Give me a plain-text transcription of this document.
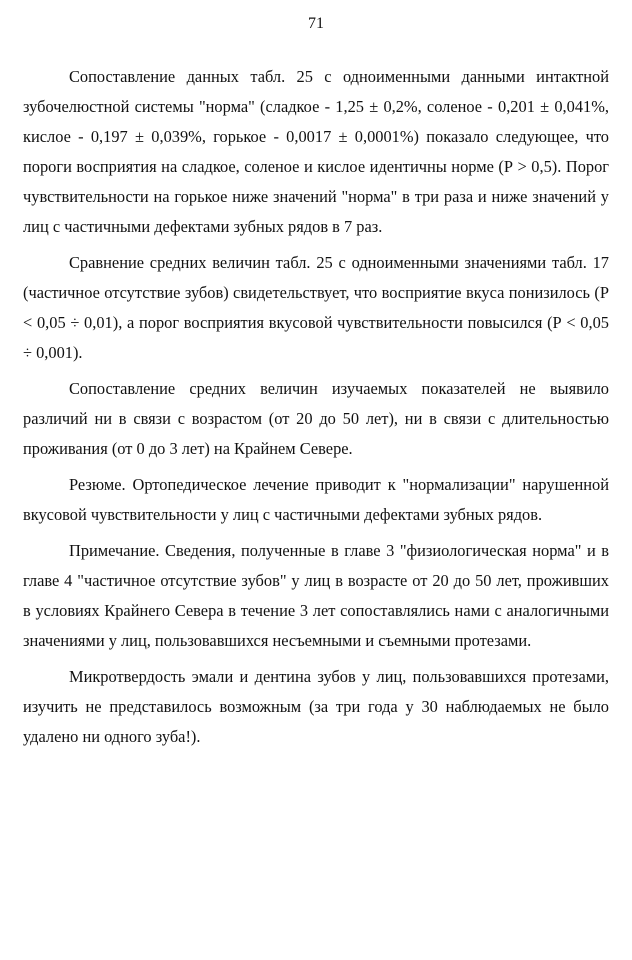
71

Сопоставление данных табл. 25 с одноименными данными интактной зубочелюстной системы "норма" (сладкое - 1,25 ± 0,2%, соленое - 0,201 ± 0,041%, кислое - 0,197 ± 0,039%, горькое - 0,0017 ± 0,0001%) показало следующее, что пороги восприятия на сладкое, соленое и кислое идентичны норме (Р > 0,5). Порог чувствительности на горькое ниже значений "норма" в три раза и ниже значений у лиц с частичными дефектами зубных рядов в 7 раз.

Сравнение средних величин табл. 25 с одноименными значениями табл. 17 (частичное отсутствие зубов) свидетельствует, что восприятие вкуса понизилось (Р < 0,05 ÷ 0,01), а порог восприятия вкусовой чувствительности повысился (Р < 0,05 ÷ 0,001).

Сопоставление средних величин изучаемых показателей не выявило различий ни в связи с возрастом (от 20 до 50 лет), ни в связи с длительностью проживания (от 0 до 3 лет) на Крайнем Севере.

Резюме. Ортопедическое лечение приводит к "нормализации" нарушенной вкусовой чувствительности у лиц с частичными дефектами зубных рядов.

Примечание. Сведения, полученные в главе 3 "физиологическая норма" и в главе 4 "частичное отсутствие зубов" у лиц в возрасте от 20 до 50 лет, проживших в условиях Крайнего Севера в течение 3 лет сопоставлялись нами с аналогичными значениями у лиц, пользовавшихся несъемными и съемными протезами.

Микротвердость эмали и дентина зубов у лиц, пользовавшихся протезами, изучить не представилось возможным (за три года у 30 наблюдаемых не было удалено ни одного зуба!).
